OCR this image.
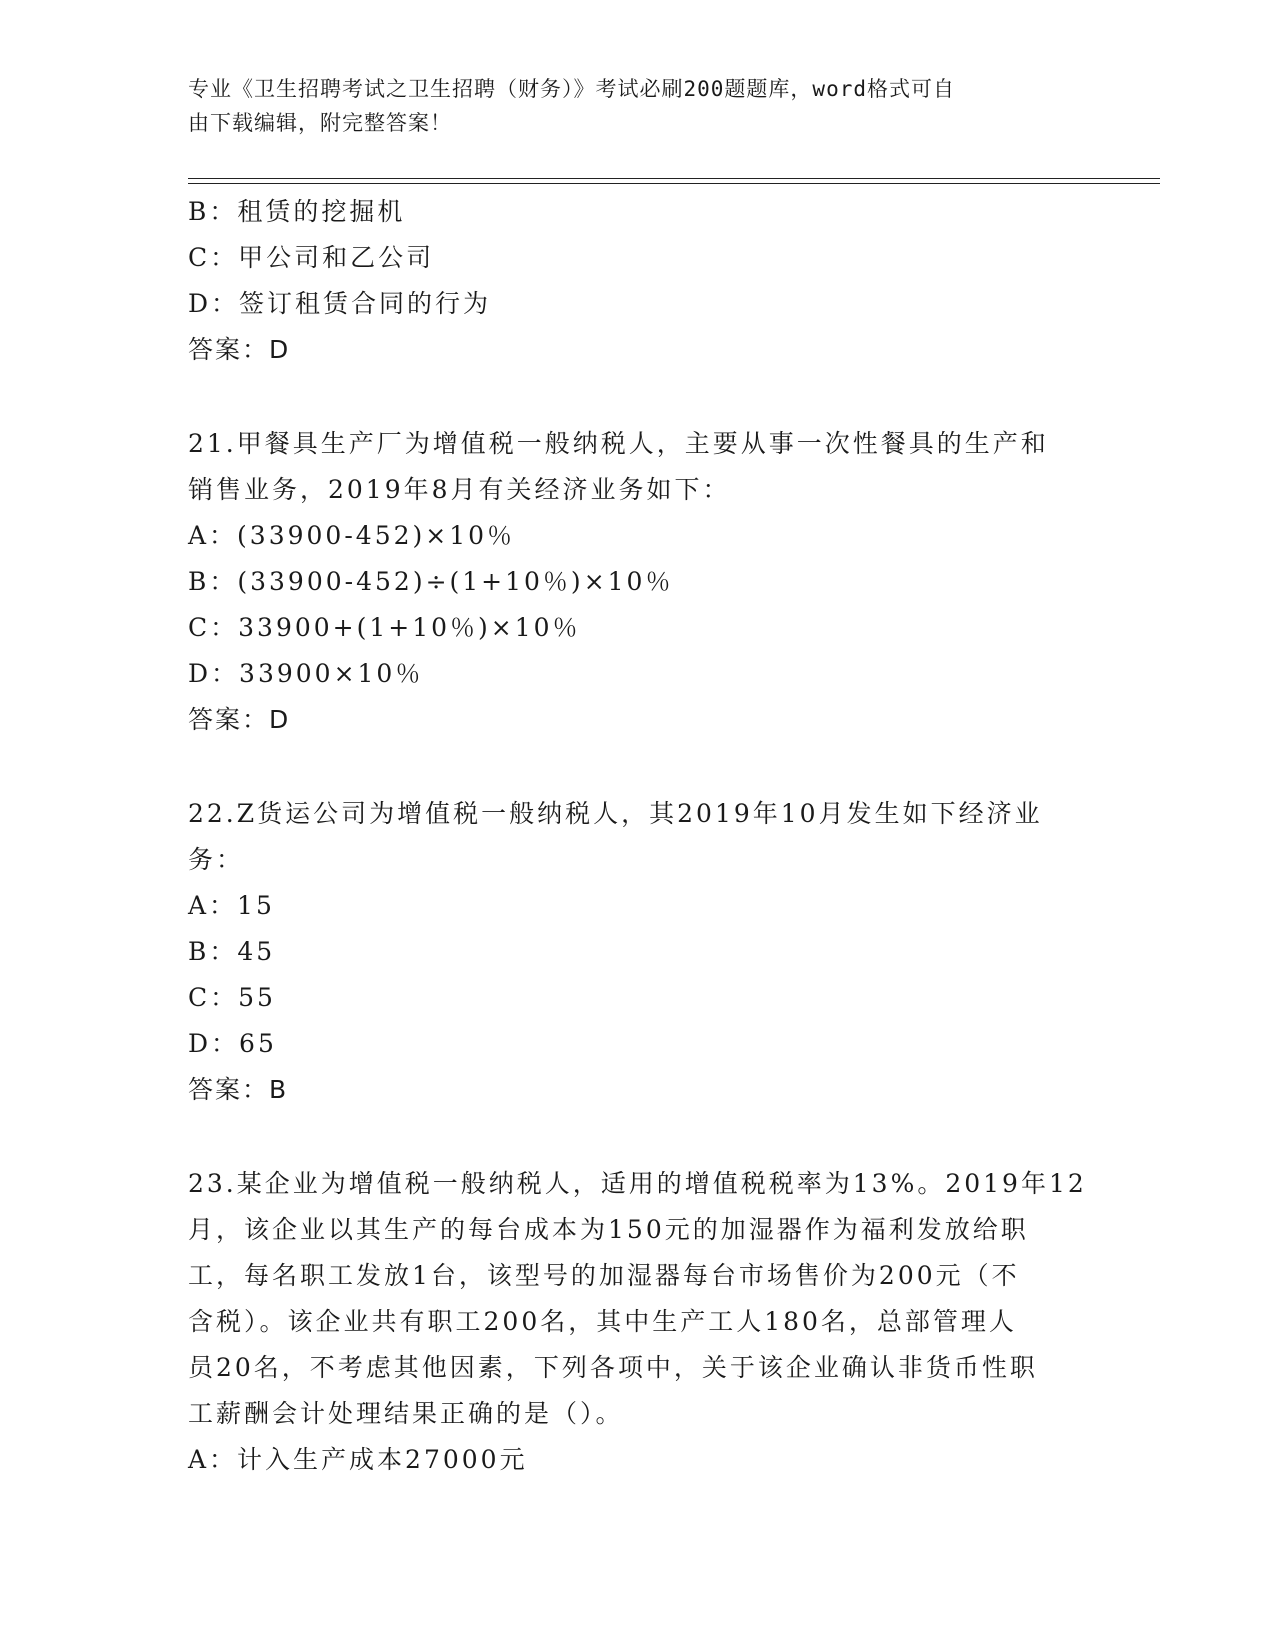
专业《卫生招聘考试之卫生招聘（财务）》考试必刷200题题库，word格式可自
由下载编辑，附完整答案！
B：租赁的挖掘机
C：甲公司和乙公司
D：签订租赁合同的行为
答案：D
21.甲餐具生产厂为增值税一般纳税人，主要从事一次性餐具的生产和
销售业务，2019年8月有关经济业务如下：
A：(33900-452)×10％
B：(33900-452)÷(1+10％)×10％
C：33900+(1+10％)×10％
D：33900×10％
答案：D
22.Z货运公司为增值税一般纳税人，其2019年10月发生如下经济业
务：
A：15
B：45
C：55
D：65
答案：B
23.某企业为增值税一般纳税人，适用的增值税税率为13%。2019年12
月，该企业以其生产的每台成本为150元的加湿器作为福利发放给职
工，每名职工发放1台，该型号的加湿器每台市场售价为200元（不
含税）。该企业共有职工200名，其中生产工人180名，总部管理人
员20名，不考虑其他因素，下列各项中，关于该企业确认非货币性职
工薪酬会计处理结果正确的是（）。
A：计入生产成本27000元
